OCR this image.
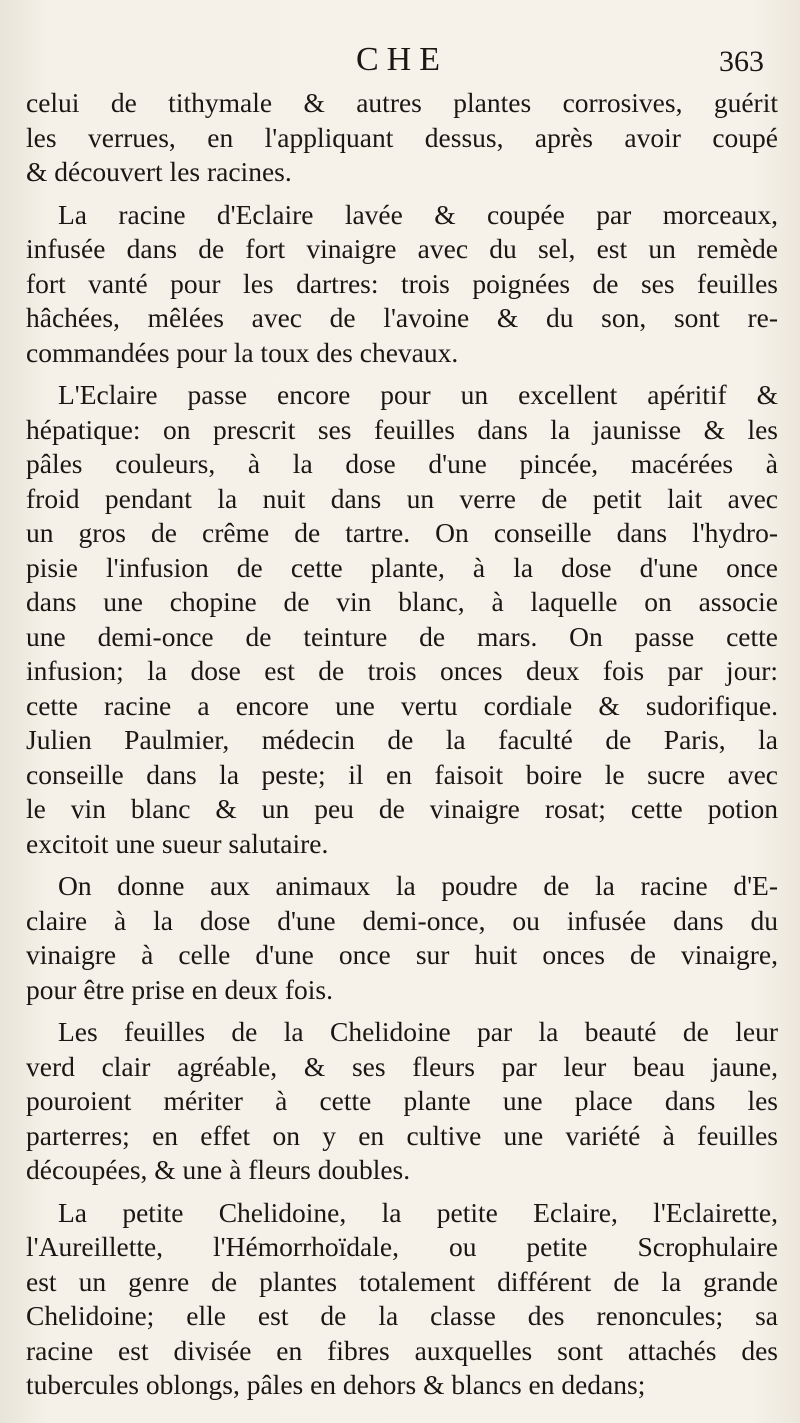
CHE	363
celui de tithymale & autres plantes corrosives, guérit
les verrues, en l'appliquant dessus, après avoir coupé
& découvert les racines.
La racine d'Eclaire lavée & coupée par morceaux,
infusée dans de fort vinaigre avec du sel, est un remède
fort vanté pour les dartres: trois poignées de ses feuilles
hâchées, mêlées avec de l'avoine & du son, sont re-
commandées pour la toux des chevaux.
L'Eclaire passe encore pour un excellent apéritif &
hépatique: on prescrit ses feuilles dans la jaunisse & les
pâles couleurs, à la dose d'une pincée, macérées à
froid pendant la nuit dans un verre de petit lait avec
un gros de crême de tartre. On conseille dans l'hydro-
pisie l'infusion de cette plante, à la dose d'une once
dans une chopine de vin blanc, à laquelle on associe
une demi-once de teinture de mars. On passe cette
infusion; la dose est de trois onces deux fois par jour:
cette racine a encore une vertu cordiale & sudorifique.
Julien Paulmier, médecin de la faculté de Paris, la
conseille dans la peste; il en faisoit boire le sucre avec
le vin blanc & un peu de vinaigre rosat; cette potion
excitoit une sueur salutaire.
On donne aux animaux la poudre de la racine d'E-
claire à la dose d'une demi-once, ou infusée dans du
vinaigre à celle d'une once sur huit onces de vinaigre,
pour être prise en deux fois.
Les feuilles de la Chelidoine par la beauté de leur
verd clair agréable, & ses fleurs par leur beau jaune,
pouroient mériter à cette plante une place dans les
parterres; en effet on y en cultive une variété à feuilles
découpées, & une à fleurs doubles.
La petite Chelidoine, la petite Eclaire, l'Eclairette,
l'Aureillette, l'Hémorrhoïdale, ou petite Scrophulaire
est un genre de plantes totalement différent de la grande
Chelidoine; elle est de la classe des renoncules; sa
racine est divisée en fibres auxquelles sont attachés des
tubercules oblongs, pâles en dehors & blancs en dedans;
